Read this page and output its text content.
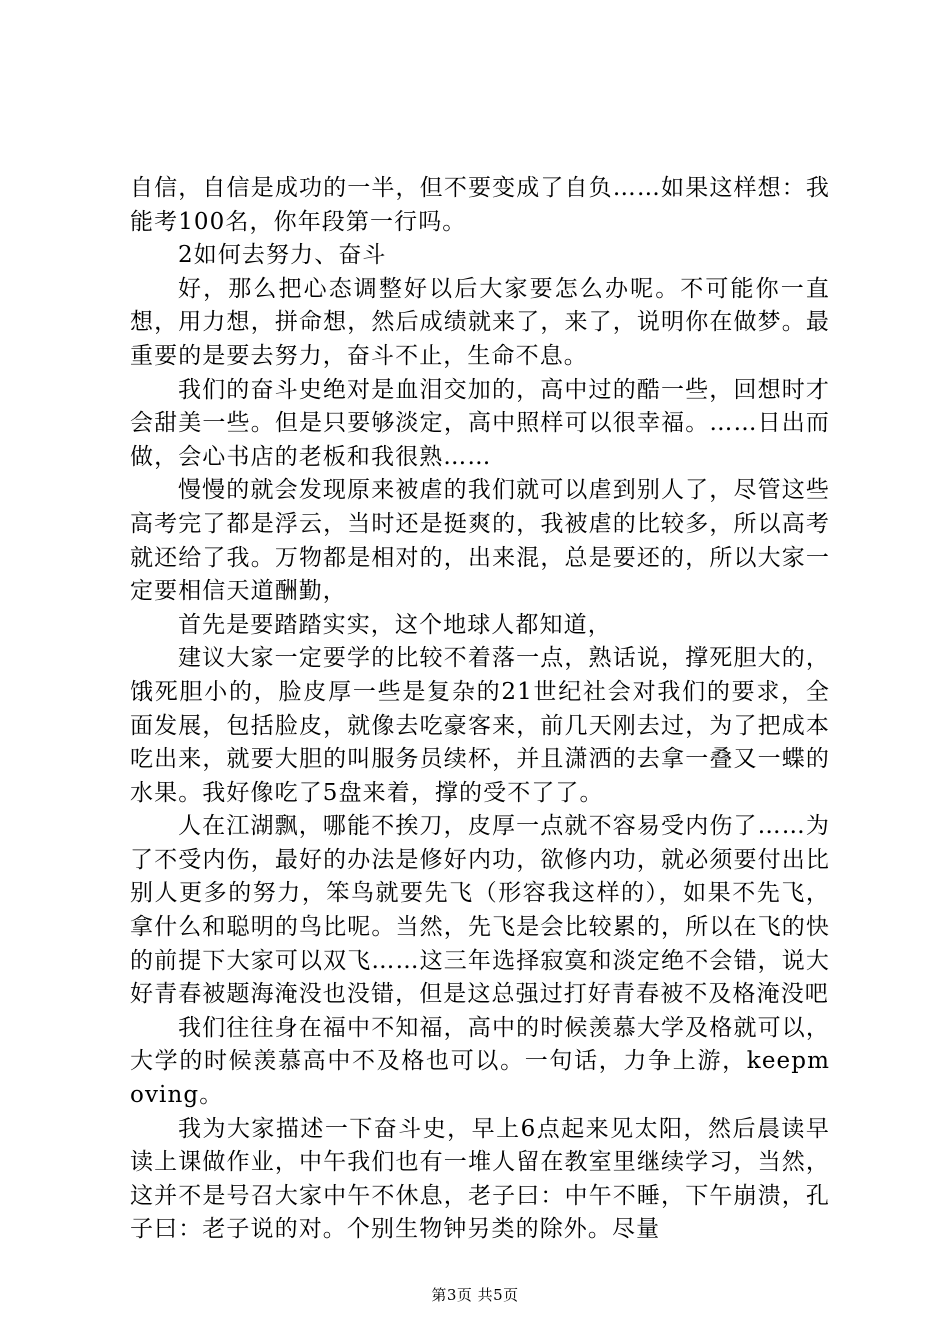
自信，自信是成功的一半，但不要变成了自负……如果这样想：我能考100名，你年段第一行吗。

2如何去努力、奋斗

好，那么把心态调整好以后大家要怎么办呢。不可能你一直想，用力想，拼命想，然后成绩就来了，来了，说明你在做梦。最重要的是要去努力，奋斗不止，生命不息。

我们的奋斗史绝对是血泪交加的，高中过的酷一些，回想时才会甜美一些。但是只要够淡定，高中照样可以很幸福。……日出而做，会心书店的老板和我很熟……

慢慢的就会发现原来被虐的我们就可以虐到别人了，尽管这些高考完了都是浮云，当时还是挺爽的，我被虐的比较多，所以高考就还给了我。万物都是相对的，出来混，总是要还的，所以大家一定要相信天道酬勤，

首先是要踏踏实实，这个地球人都知道，

建议大家一定要学的比较不着落一点，熟话说，撑死胆大的，饿死胆小的，脸皮厚一些是复杂的21世纪社会对我们的要求，全面发展，包括脸皮，就像去吃豪客来，前几天刚去过，为了把成本吃出来，就要大胆的叫服务员续杯，并且潇洒的去拿一叠又一蝶的水果。我好像吃了5盘来着，撑的受不了了。

人在江湖飘，哪能不挨刀，皮厚一点就不容易受内伤了……为了不受内伤，最好的办法是修好内功，欲修内功，就必须要付出比别人更多的努力，笨鸟就要先飞（形容我这样的），如果不先飞，拿什么和聪明的鸟比呢。当然，先飞是会比较累的，所以在飞的快的前提下大家可以双飞……这三年选择寂寞和淡定绝不会错，说大好青春被题海淹没也没错，但是这总强过打好青春被不及格淹没吧

我们往往身在福中不知福，高中的时候羡慕大学及格就可以，大学的时候羡慕高中不及格也可以。一句话，力争上游，keepmoving。

我为大家描述一下奋斗史，早上6点起来见太阳，然后晨读早读上课做作业，中午我们也有一堆人留在教室里继续学习，当然，这并不是号召大家中午不休息，老子曰：中午不睡，下午崩溃，孔子曰：老子说的对。个别生物钟另类的除外。尽量

第3页 共5页
